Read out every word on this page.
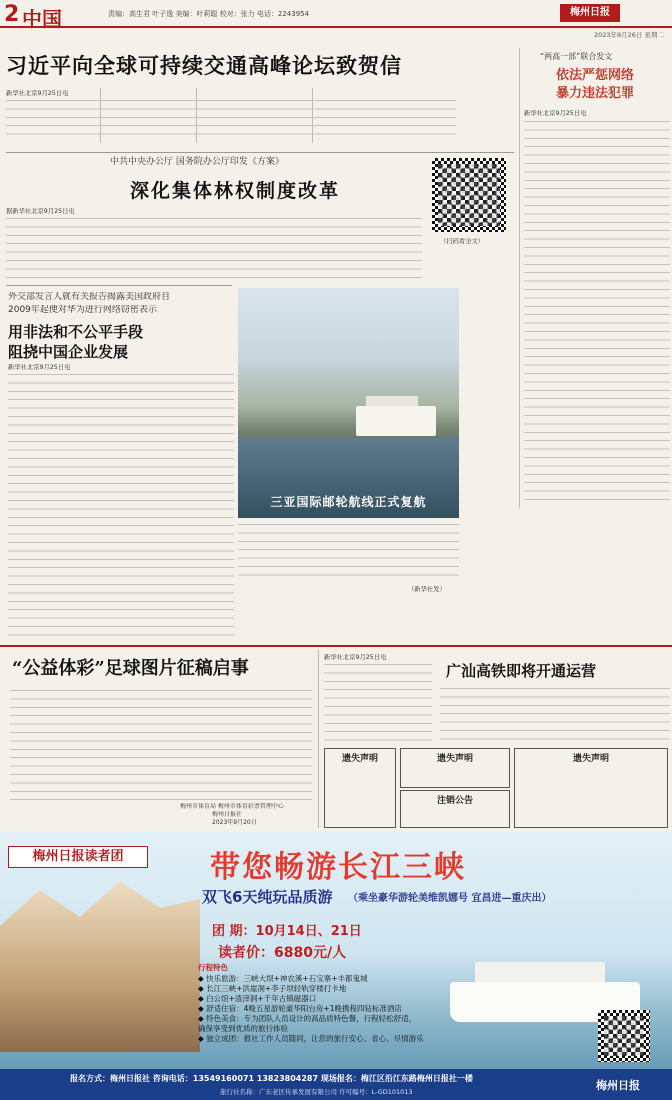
2 中国	责编：高生君 叶子逸 美编：叶莉聪 校对：张力 电话：2243954	梅州日报
2023年9月26日 星期二
习近平向全球可持续交通高峰论坛致贺信
新华社北京9月25日电
“两高一部”联合发文
依法严惩网络
暴力违法犯罪
新华社北京9月25日电
中共中央办公厅 国务院办公厅印发《方案》
深化集体林权制度改革
据新华社北京9月25日电
（扫码看全文）
外交部发言人就有关报告揭露美国政府自
2009年起便对华为进行网络窃密表示
用非法和不公平手段
阻挠中国企业发展
新华社北京9月25日电
三亚国际邮轮航线正式复航
（新华社发）
“公益体彩”足球图片征稿启事
梅州市体育局 梅州市体育彩票管理中心
梅州日报社
2023年9月20日
新华社北京9月25日电
广汕高铁即将开通运营
遗失声明	遗失声明
注销公告
遗失声明
梅州日报读者团	带您畅游长江三峡
双飞6天纯玩品质游 （乘坐豪华游轮美维凯娜号 宜昌进—重庆出）
团 期：10月14日、21日
读者价：6880元/人
行程特色
◆ 快乐旅游：三峡大坝+神农溪+石宝寨+丰都鬼城
◆ 长江三峡+洪崖洞+李子坝轻轨穿楼打卡地
◆ 白公馆+渣滓洞+千年古镇磁器口
◆ 舒适住宿：4晚五星游轮豪华阳台房+1晚携程四钻标准酒店
◆ 特色美食：专为团队人员设计的高品质特色餐，行程轻松舒适，
确保享受到优质的旅行体验
◆ 独立成团：报社工作人员随同，让您的旅行安心、省心、尽情游乐
报名方式：梅州日报社 咨询电话：13549160071 13823804287 现场报名：梅江区沿江东路梅州日报社一楼
旅行社名称：广东老区传承发展有限公司 许可编号：L-GD101013	梅州日报
